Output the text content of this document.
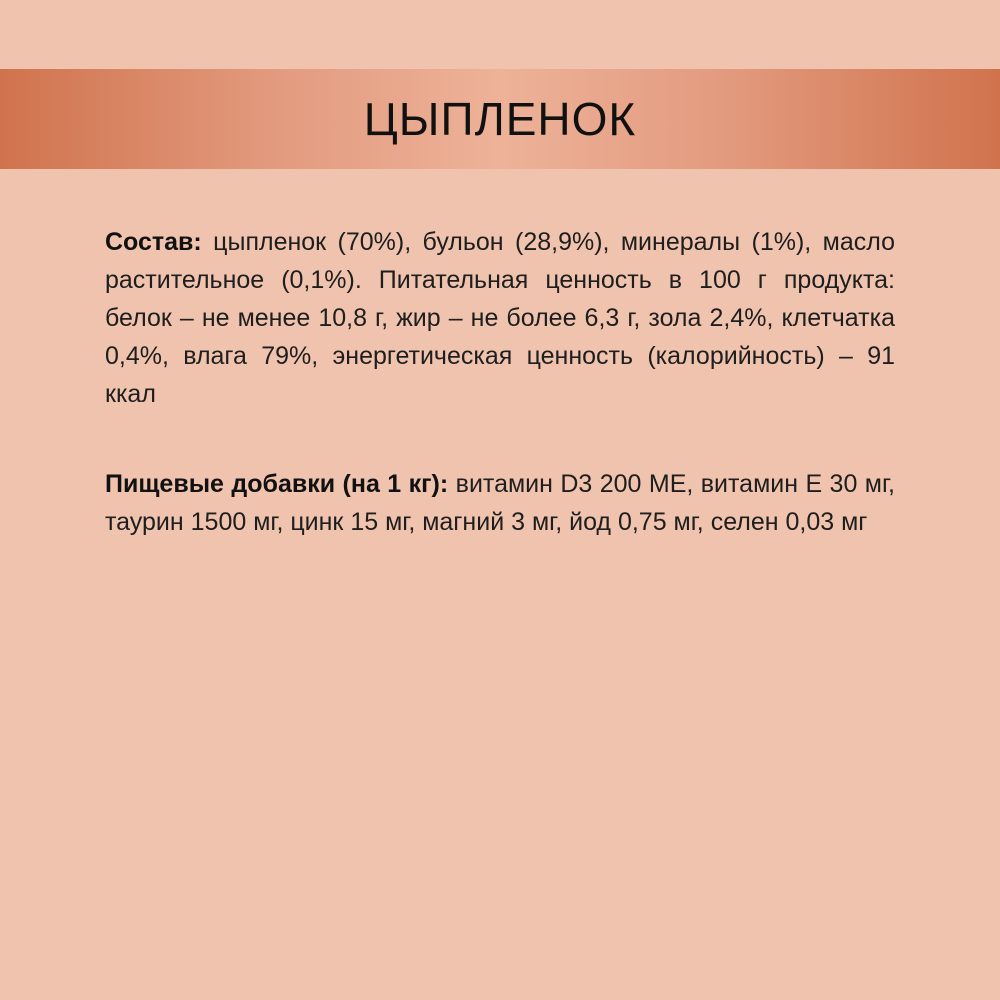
ЦЫПЛЕНОК

Состав: цыпленок (70%), бульон (28,9%), минералы (1%), масло растительное (0,1%). Питательная ценность в 100 г продукта: белок – не менее 10,8 г, жир – не более 6,3 г, зола 2,4%, клетчатка 0,4%, влага 79%, энергетическая ценность (калорийность) – 91 ккал

Пищевые добавки (на 1 кг): витамин D3 200 МЕ, витамин Е 30 мг, таурин 1500 мг, цинк 15 мг, магний 3 мг, йод 0,75 мг, селен 0,03 мг
